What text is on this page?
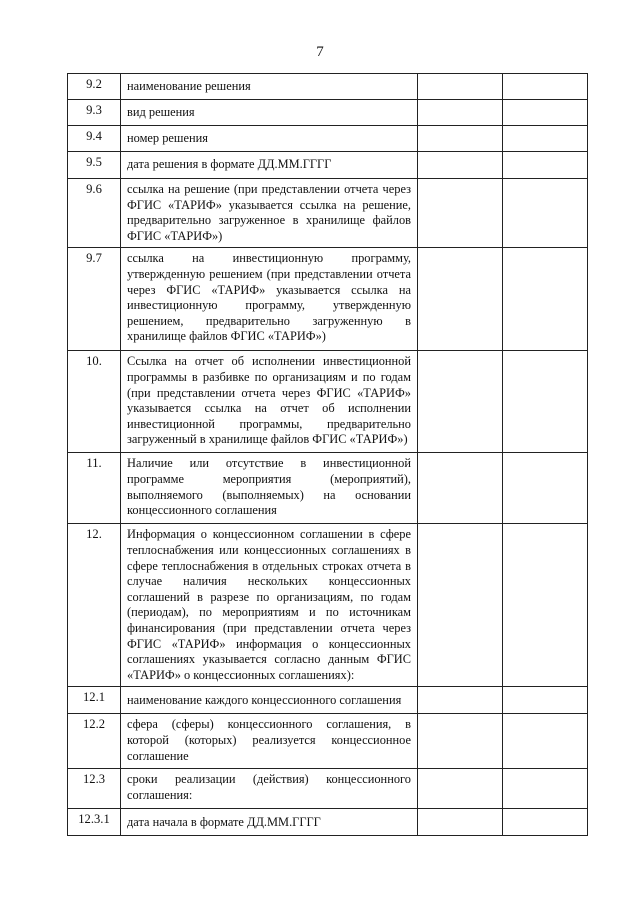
7
9.2	наименование решения		
9.3	вид решения		
9.4	номер решения		
9.5	дата решения в формате ДД.ММ.ГГГГ		
9.6	ссылка на решение (при представлении отчета через ФГИС «ТАРИФ» указывается ссылка на решение, предварительно загруженное в хранилище файлов ФГИС «ТАРИФ»)		
9.7	ссылка на инвестиционную программу, утвержденную решением (при представлении отчета через ФГИС «ТАРИФ» указывается ссылка на инвестиционную программу, утвержденную решением, предварительно загруженную в хранилище файлов ФГИС «ТАРИФ»)		
10.	Ссылка на отчет об исполнении инвестиционной программы в разбивке по организациям и по годам (при представлении отчета через ФГИС «ТАРИФ» указывается ссылка на отчет об исполнении инвестиционной программы, предварительно загруженный в хранилище файлов ФГИС «ТАРИФ»)		
11.	Наличие или отсутствие в инвестиционной программе мероприятия (мероприятий), выполняемого (выполняемых) на основании концессионного соглашения		
12.	Информация о концессионном соглашении в сфере теплоснабжения или концессионных соглашениях в сфере теплоснабжения в отдельных строках отчета в случае наличия нескольких концессионных соглашений в разрезе по организациям, по годам (периодам), по мероприятиям и по источникам финансирования (при представлении отчета через ФГИС «ТАРИФ» информация о концессионных соглашениях указывается согласно данным ФГИС «ТАРИФ» о концессионных соглашениях):		
12.1	наименование каждого концессионного соглашения		
12.2	сфера (сферы) концессионного соглашения, в которой (которых) реализуется концессионное соглашение		
12.3	сроки реализации (действия) концессионного соглашения:		
12.3.1	дата начала в формате ДД.ММ.ГГГГ		
